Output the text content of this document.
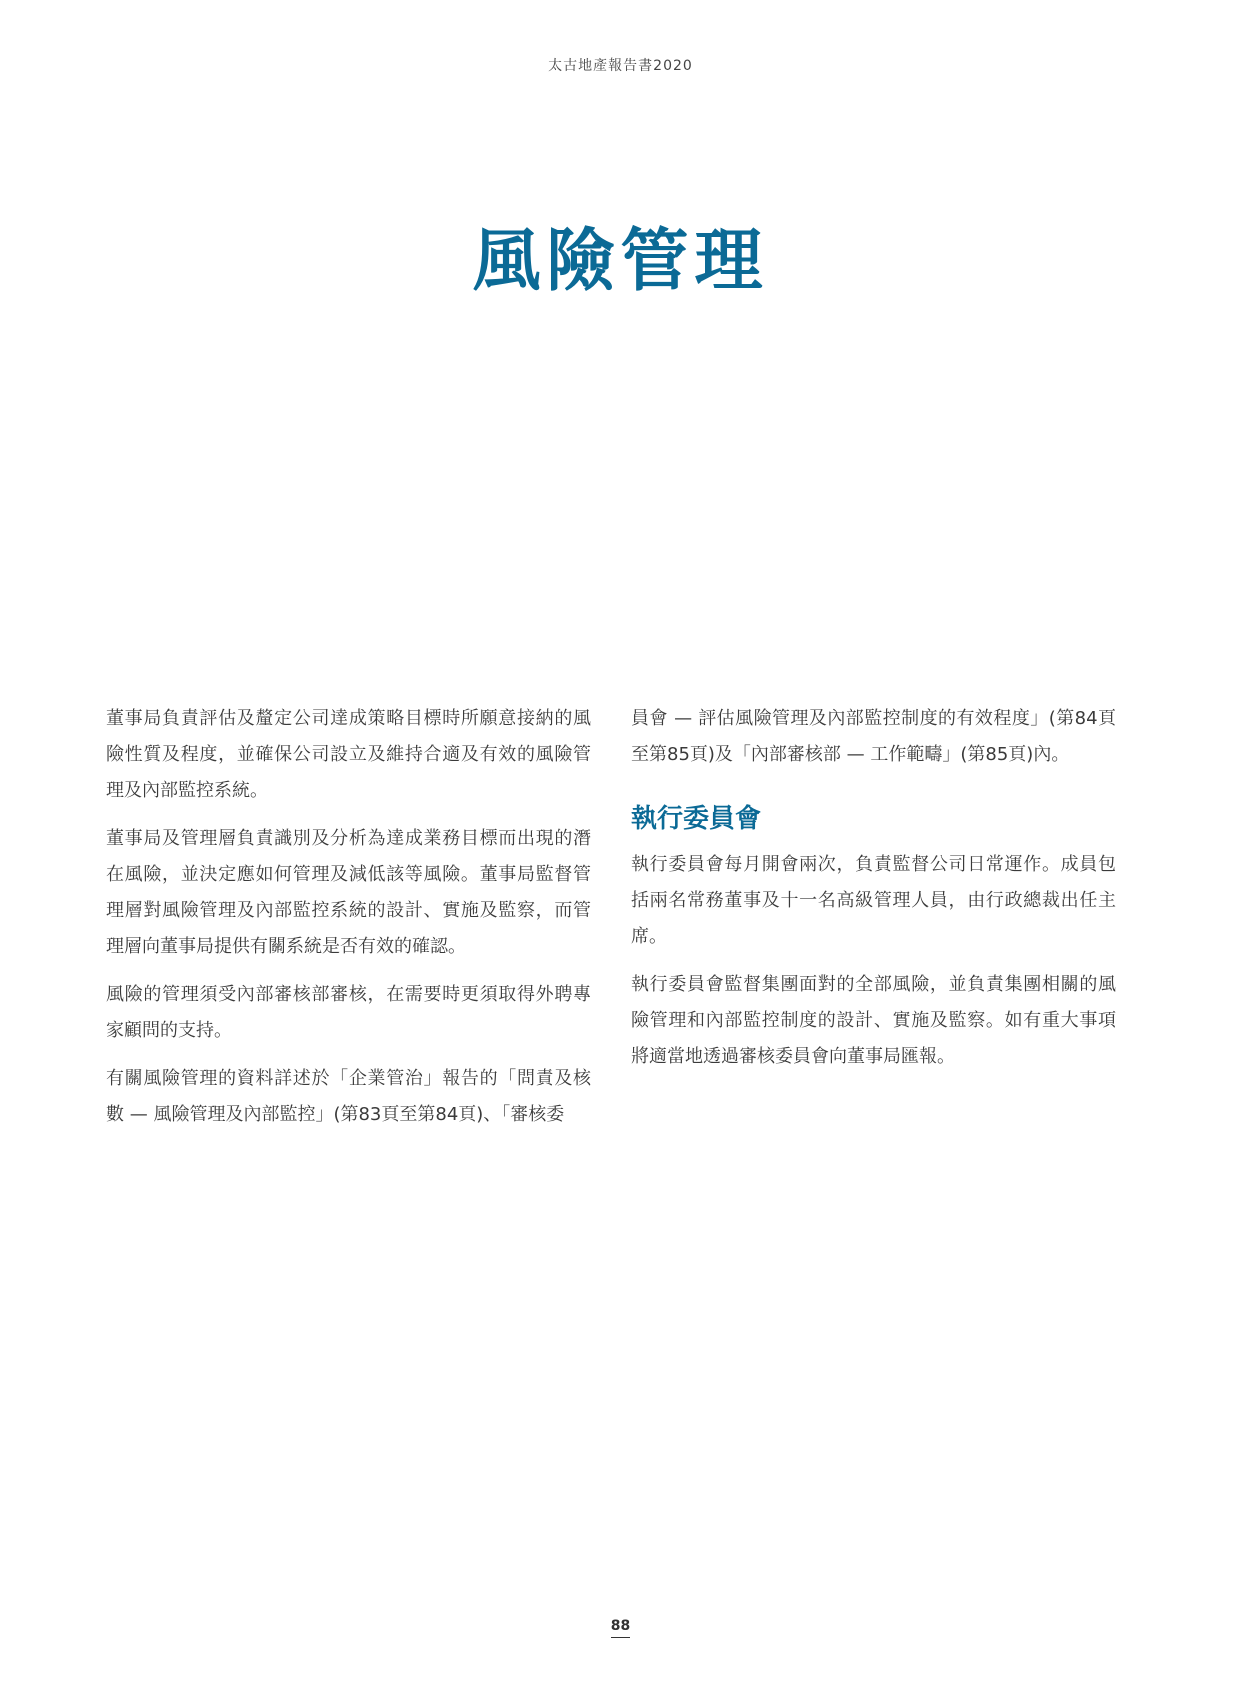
太古地產報告書2020
風險管理

董事局負責評估及釐定公司達成策略目標時所願意接納的風險性質及程度，並確保公司設立及維持合適及有效的風險管理及內部監控系統。

董事局及管理層負責識別及分析為達成業務目標而出現的潛在風險，並決定應如何管理及減低該等風險。董事局監督管理層對風險管理及內部監控系統的設計、實施及監察，而管理層向董事局提供有關系統是否有效的確認。

風險的管理須受內部審核部審核，在需要時更須取得外聘專家顧問的支持。

有關風險管理的資料詳述於「企業管治」報告的「問責及核數 — 風險管理及內部監控」(第83頁至第84頁)、「審核委

員會 — 評估風險管理及內部監控制度的有效程度」(第84頁至第85頁)及「內部審核部 — 工作範疇」(第85頁)內。

執行委員會

執行委員會每月開會兩次，負責監督公司日常運作。成員包括兩名常務董事及十一名高級管理人員，由行政總裁出任主席。

執行委員會監督集團面對的全部風險，並負責集團相關的風險管理和內部監控制度的設計、實施及監察。如有重大事項將適當地透過審核委員會向董事局匯報。

88
